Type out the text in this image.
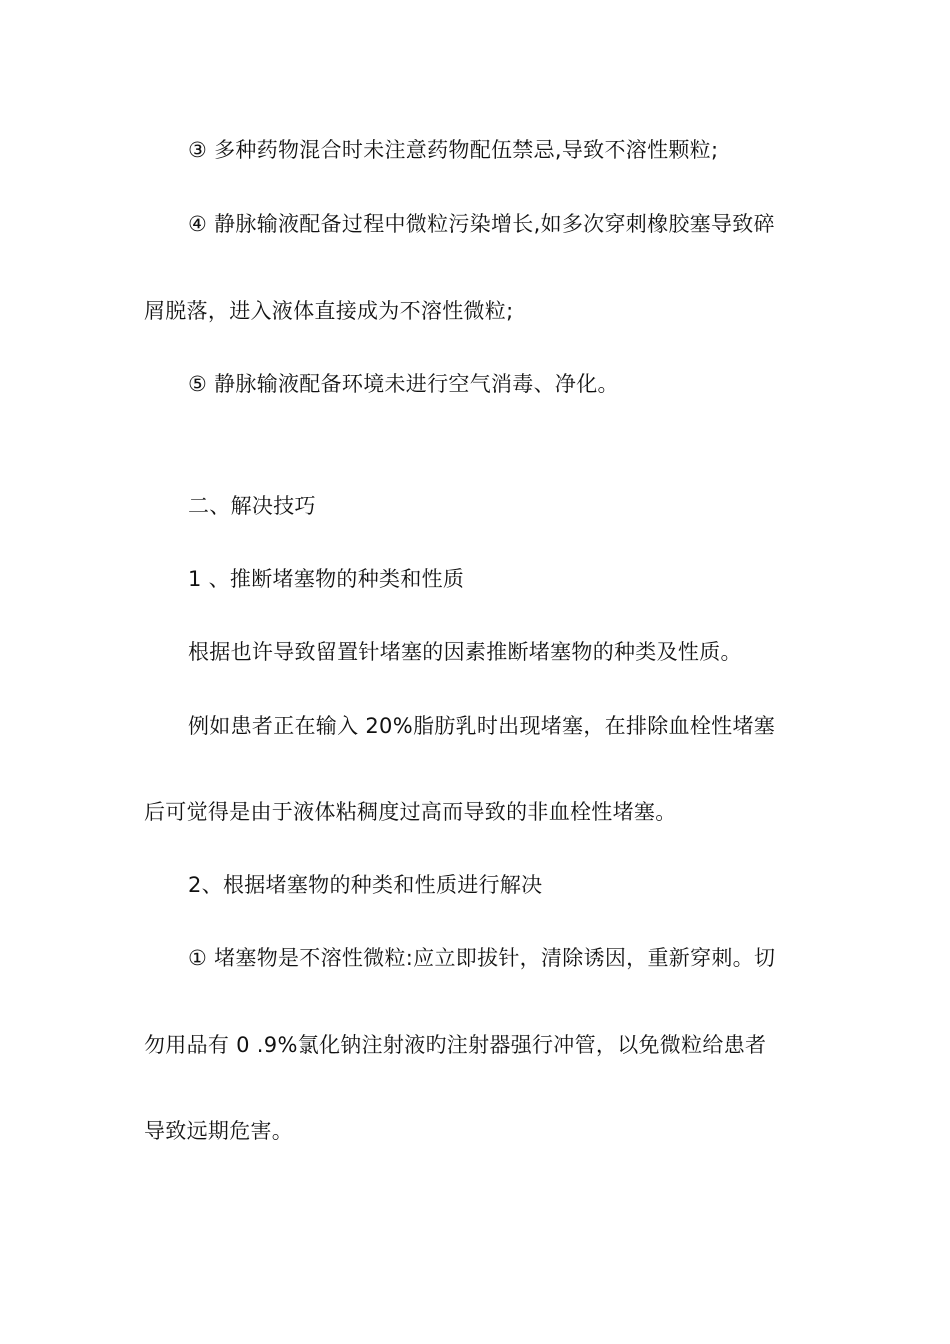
③ 多种药物混合时未注意药物配伍禁忌,导致不溶性颗粒;
④ 静脉输液配备过程中微粒污染增长,如多次穿刺橡胶塞导致碎
屑脱落，进入液体直接成为不溶性微粒;
⑤ 静脉输液配备环境未进行空气消毒、净化。
二、解决技巧
1 、推断堵塞物的种类和性质
根据也许导致留置针堵塞的因素推断堵塞物的种类及性质。
例如患者正在输入 20%脂肪乳时出现堵塞，在排除血栓性堵塞
后可觉得是由于液体粘稠度过高而导致的非血栓性堵塞。
2、根据堵塞物的种类和性质进行解决
① 堵塞物是不溶性微粒:应立即拔针，清除诱因，重新穿刺。切
勿用品有 0 .9%氯化钠注射液旳注射器强行冲管，以免微粒给患者
导致远期危害。
